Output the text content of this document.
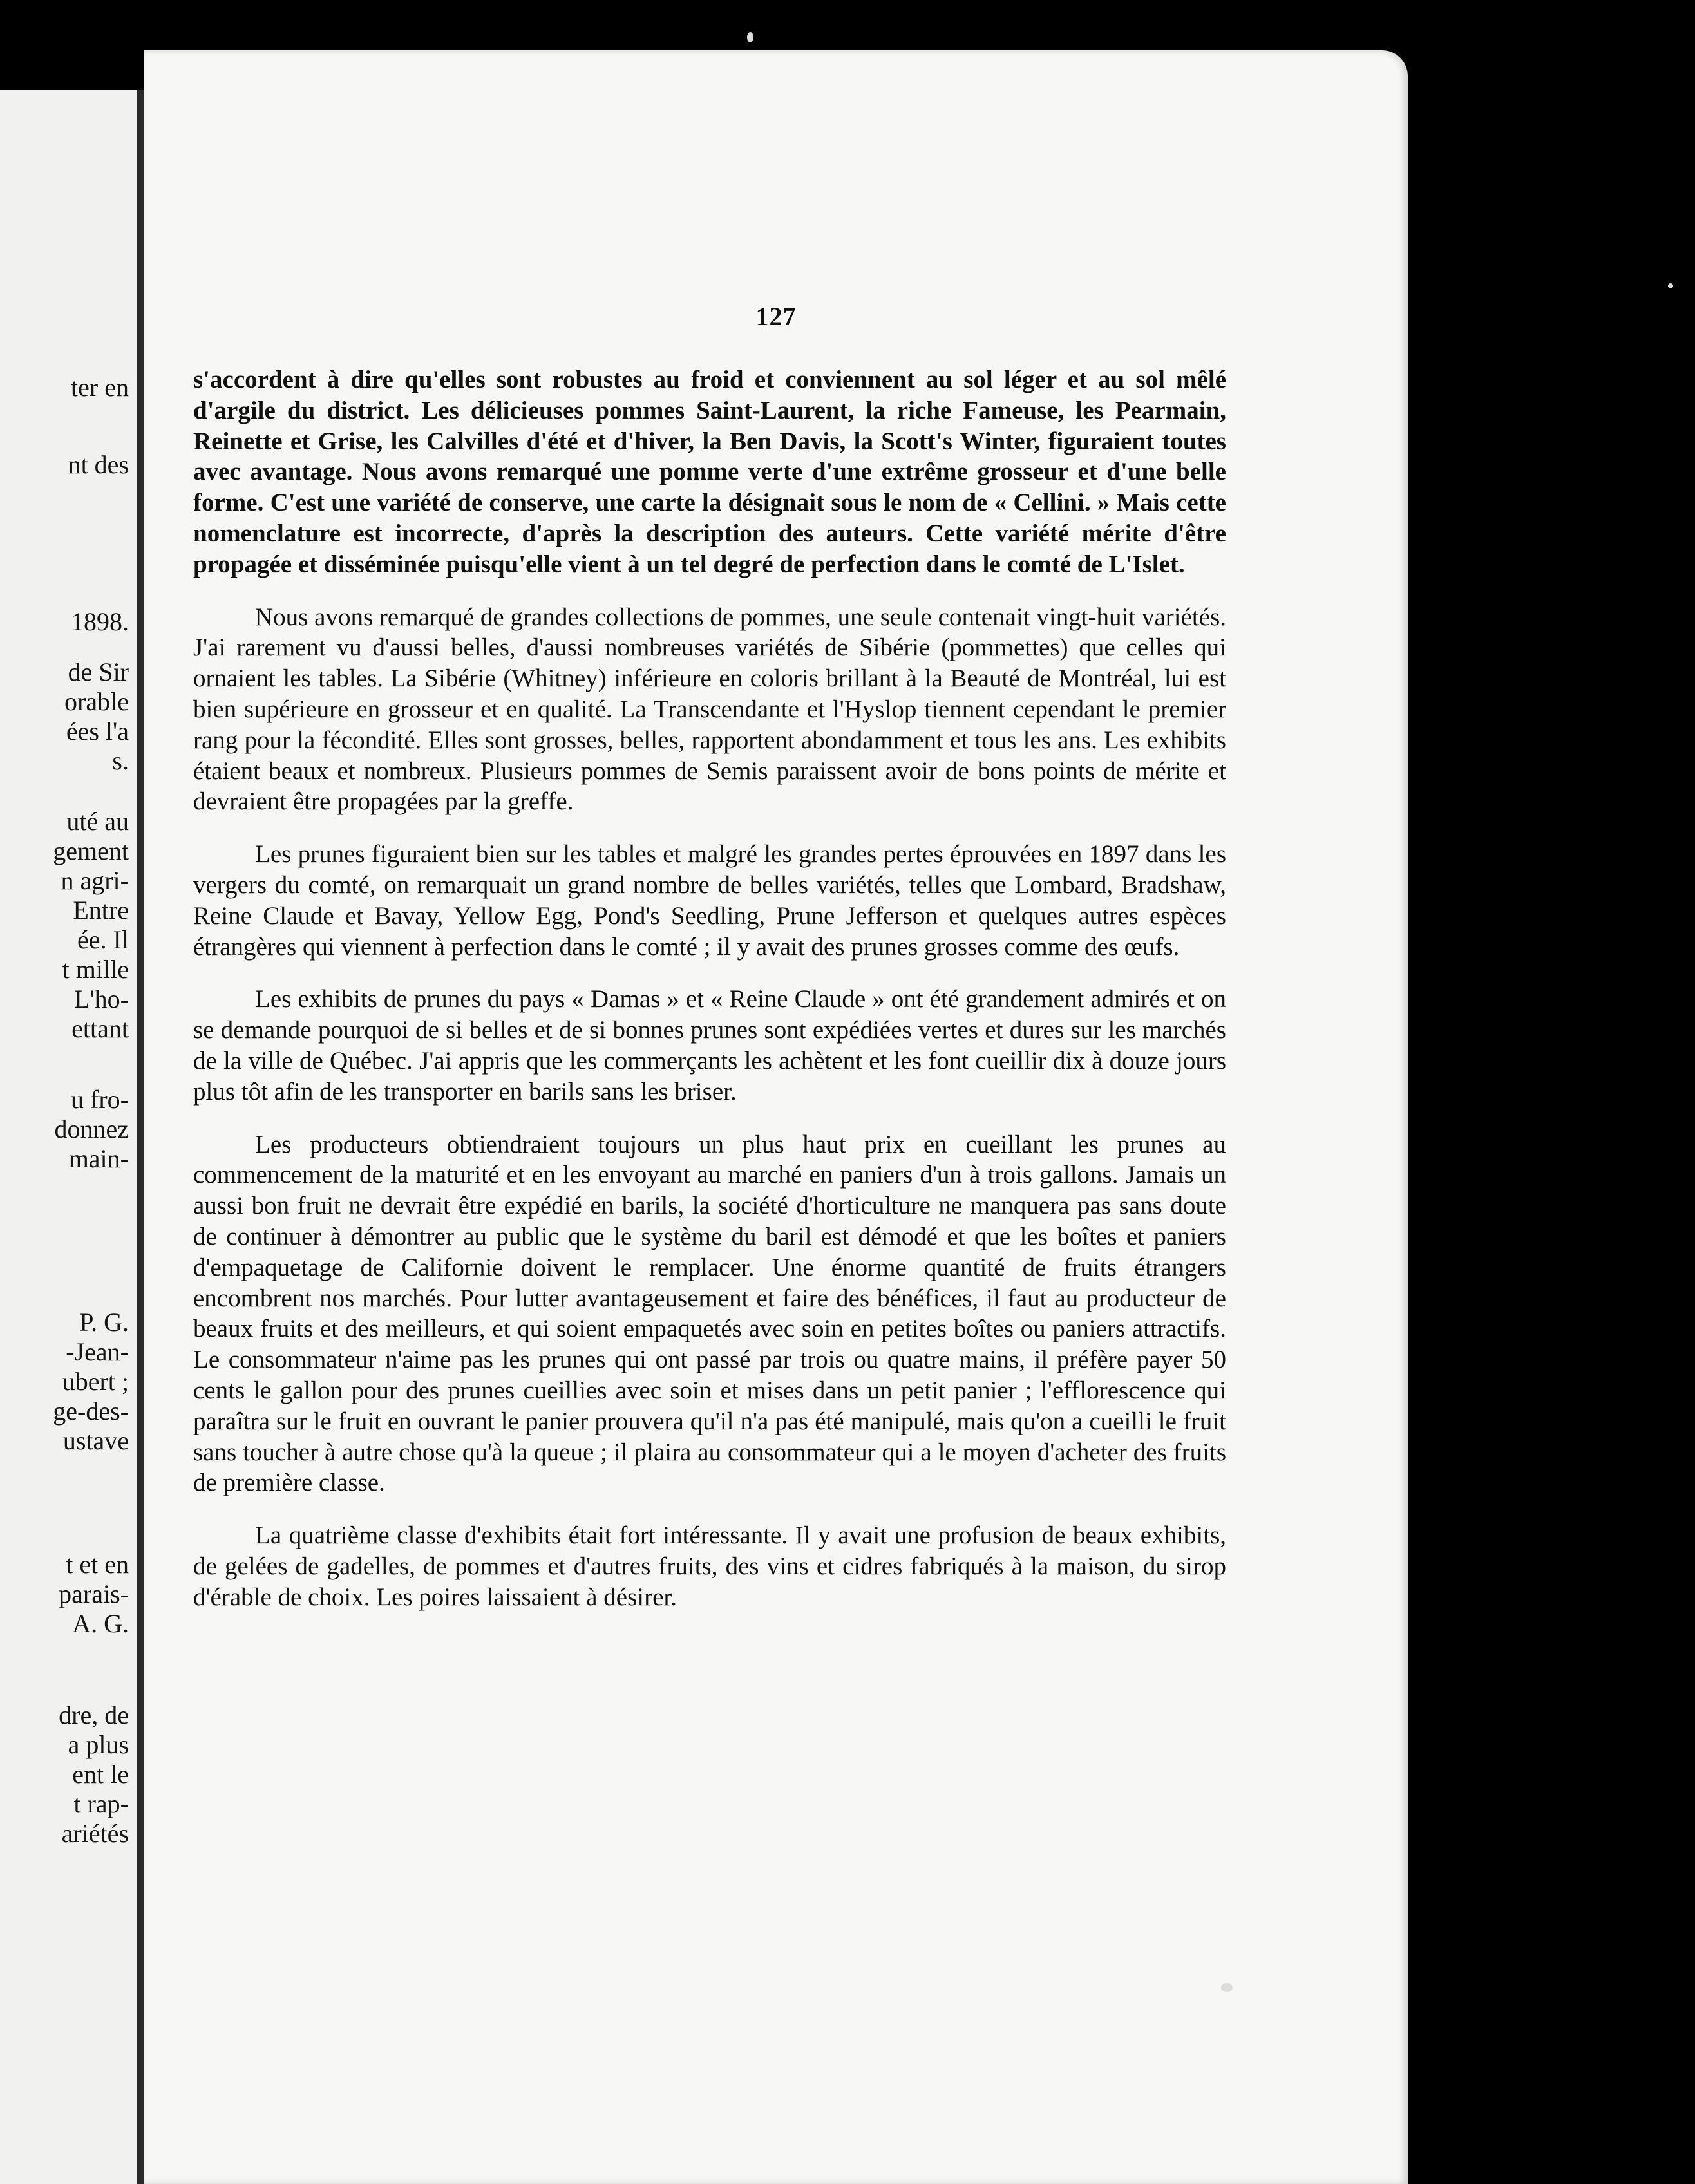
ter en
nt des
1898.
de Sir
orable
ées l'a
s.
uté au
gement
n agri-
Entre
ée. Il
t mille
L'ho-
ettant
u fro-
donnez
main-
P. G.
-Jean-
ubert ;
ge-des-
ustave
t et en
parais-
A. G.
dre, de
a plus
ent le
t rap-
ariétés
127

s'accordent à dire qu'elles sont robustes au froid et conviennent au sol léger et au sol mêlé d'argile du district. Les délicieuses pommes Saint-Laurent, la riche Fameuse, les Pearmain, Reinette et Grise, les Calvilles d'été et d'hiver, la Ben Davis, la Scott's Winter, figuraient toutes avec avantage. Nous avons remarqué une pomme verte d'une extrême grosseur et d'une belle forme. C'est une variété de conserve, une carte la désignait sous le nom de « Cellini. » Mais cette nomenclature est incorrecte, d'après la description des auteurs. Cette variété mérite d'être propagée et disséminée puisqu'elle vient à un tel degré de perfection dans le comté de L'Islet.

Nous avons remarqué de grandes collections de pommes, une seule contenait vingt-huit variétés. J'ai rarement vu d'aussi belles, d'aussi nombreuses variétés de Sibérie (pommettes) que celles qui ornaient les tables. La Sibérie (Whitney) inférieure en coloris brillant à la Beauté de Montréal, lui est bien supérieure en grosseur et en qualité. La Transcendante et l'Hyslop tiennent cependant le premier rang pour la fécondité. Elles sont grosses, belles, rapportent abondamment et tous les ans. Les exhibits étaient beaux et nombreux. Plusieurs pommes de Semis paraissent avoir de bons points de mérite et devraient être propagées par la greffe.

Les prunes figuraient bien sur les tables et malgré les grandes pertes éprouvées en 1897 dans les vergers du comté, on remarquait un grand nombre de belles variétés, telles que Lombard, Bradshaw, Reine Claude et Bavay, Yellow Egg, Pond's Seedling, Prune Jefferson et quelques autres espèces étrangères qui viennent à perfection dans le comté ; il y avait des prunes grosses comme des œufs.

Les exhibits de prunes du pays « Damas » et « Reine Claude » ont été grandement admirés et on se demande pourquoi de si belles et de si bonnes prunes sont expédiées vertes et dures sur les marchés de la ville de Québec. J'ai appris que les commerçants les achètent et les font cueillir dix à douze jours plus tôt afin de les transporter en barils sans les briser.

Les producteurs obtiendraient toujours un plus haut prix en cueillant les prunes au commencement de la maturité et en les envoyant au marché en paniers d'un à trois gallons. Jamais un aussi bon fruit ne devrait être expédié en barils, la société d'horticulture ne manquera pas sans doute de continuer à démontrer au public que le système du baril est démodé et que les boîtes et paniers d'empaquetage de Californie doivent le remplacer. Une énorme quantité de fruits étrangers encombrent nos marchés. Pour lutter avantageusement et faire des bénéfices, il faut au producteur de beaux fruits et des meilleurs, et qui soient empaquetés avec soin en petites boîtes ou paniers attractifs. Le consommateur n'aime pas les prunes qui ont passé par trois ou quatre mains, il préfère payer 50 cents le gallon pour des prunes cueillies avec soin et mises dans un petit panier ; l'efflorescence qui paraîtra sur le fruit en ouvrant le panier prouvera qu'il n'a pas été manipulé, mais qu'on a cueilli le fruit sans toucher à autre chose qu'à la queue ; il plaira au consommateur qui a le moyen d'acheter des fruits de première classe.

La quatrième classe d'exhibits était fort intéressante. Il y avait une profusion de beaux exhibits, de gelées de gadelles, de pommes et d'autres fruits, des vins et cidres fabriqués à la maison, du sirop d'érable de choix. Les poires laissaient à désirer.
